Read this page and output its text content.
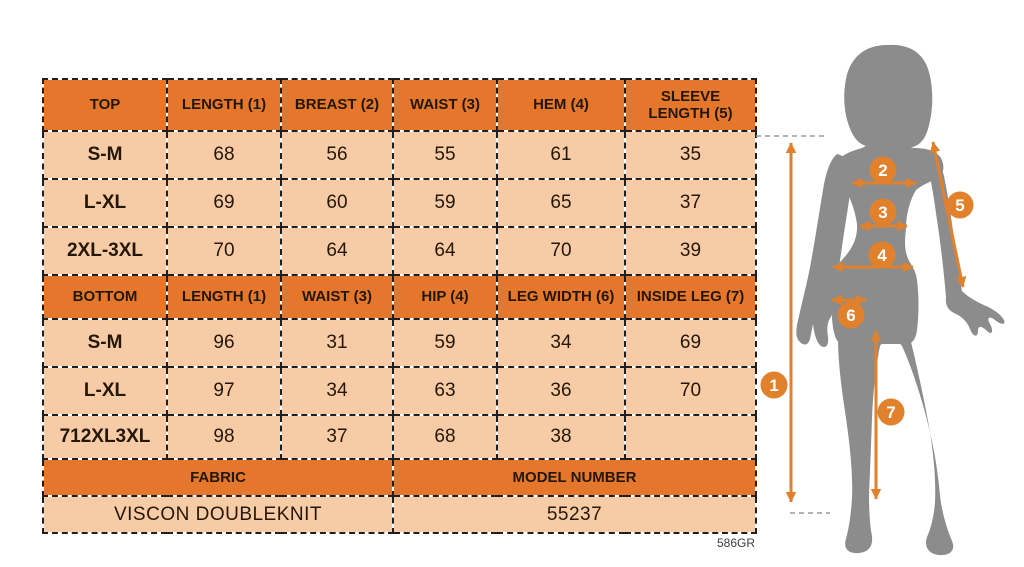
TOP	LENGTH (1)	BREAST (2)	WAIST (3)	HEM (4)	SLEEVE LENGTH (5)
S-M	68	56	55	61	35
L-XL	69	60	59	65	37
2XL-3XL	70	64	64	70	39
BOTTOM	LENGTH (1)	WAIST (3)	HIP (4)	LEG WIDTH (6)	INSIDE LEG (7)
S-M	96	31	59	34	69
L-XL	97	34	63	36	70
712XL3XL	98	37	68	38	
FABRIC			MODEL NUMBER		
VISCON DOUBLEKNIT			55237		
586GR
1
2
3
4
5
6
7
